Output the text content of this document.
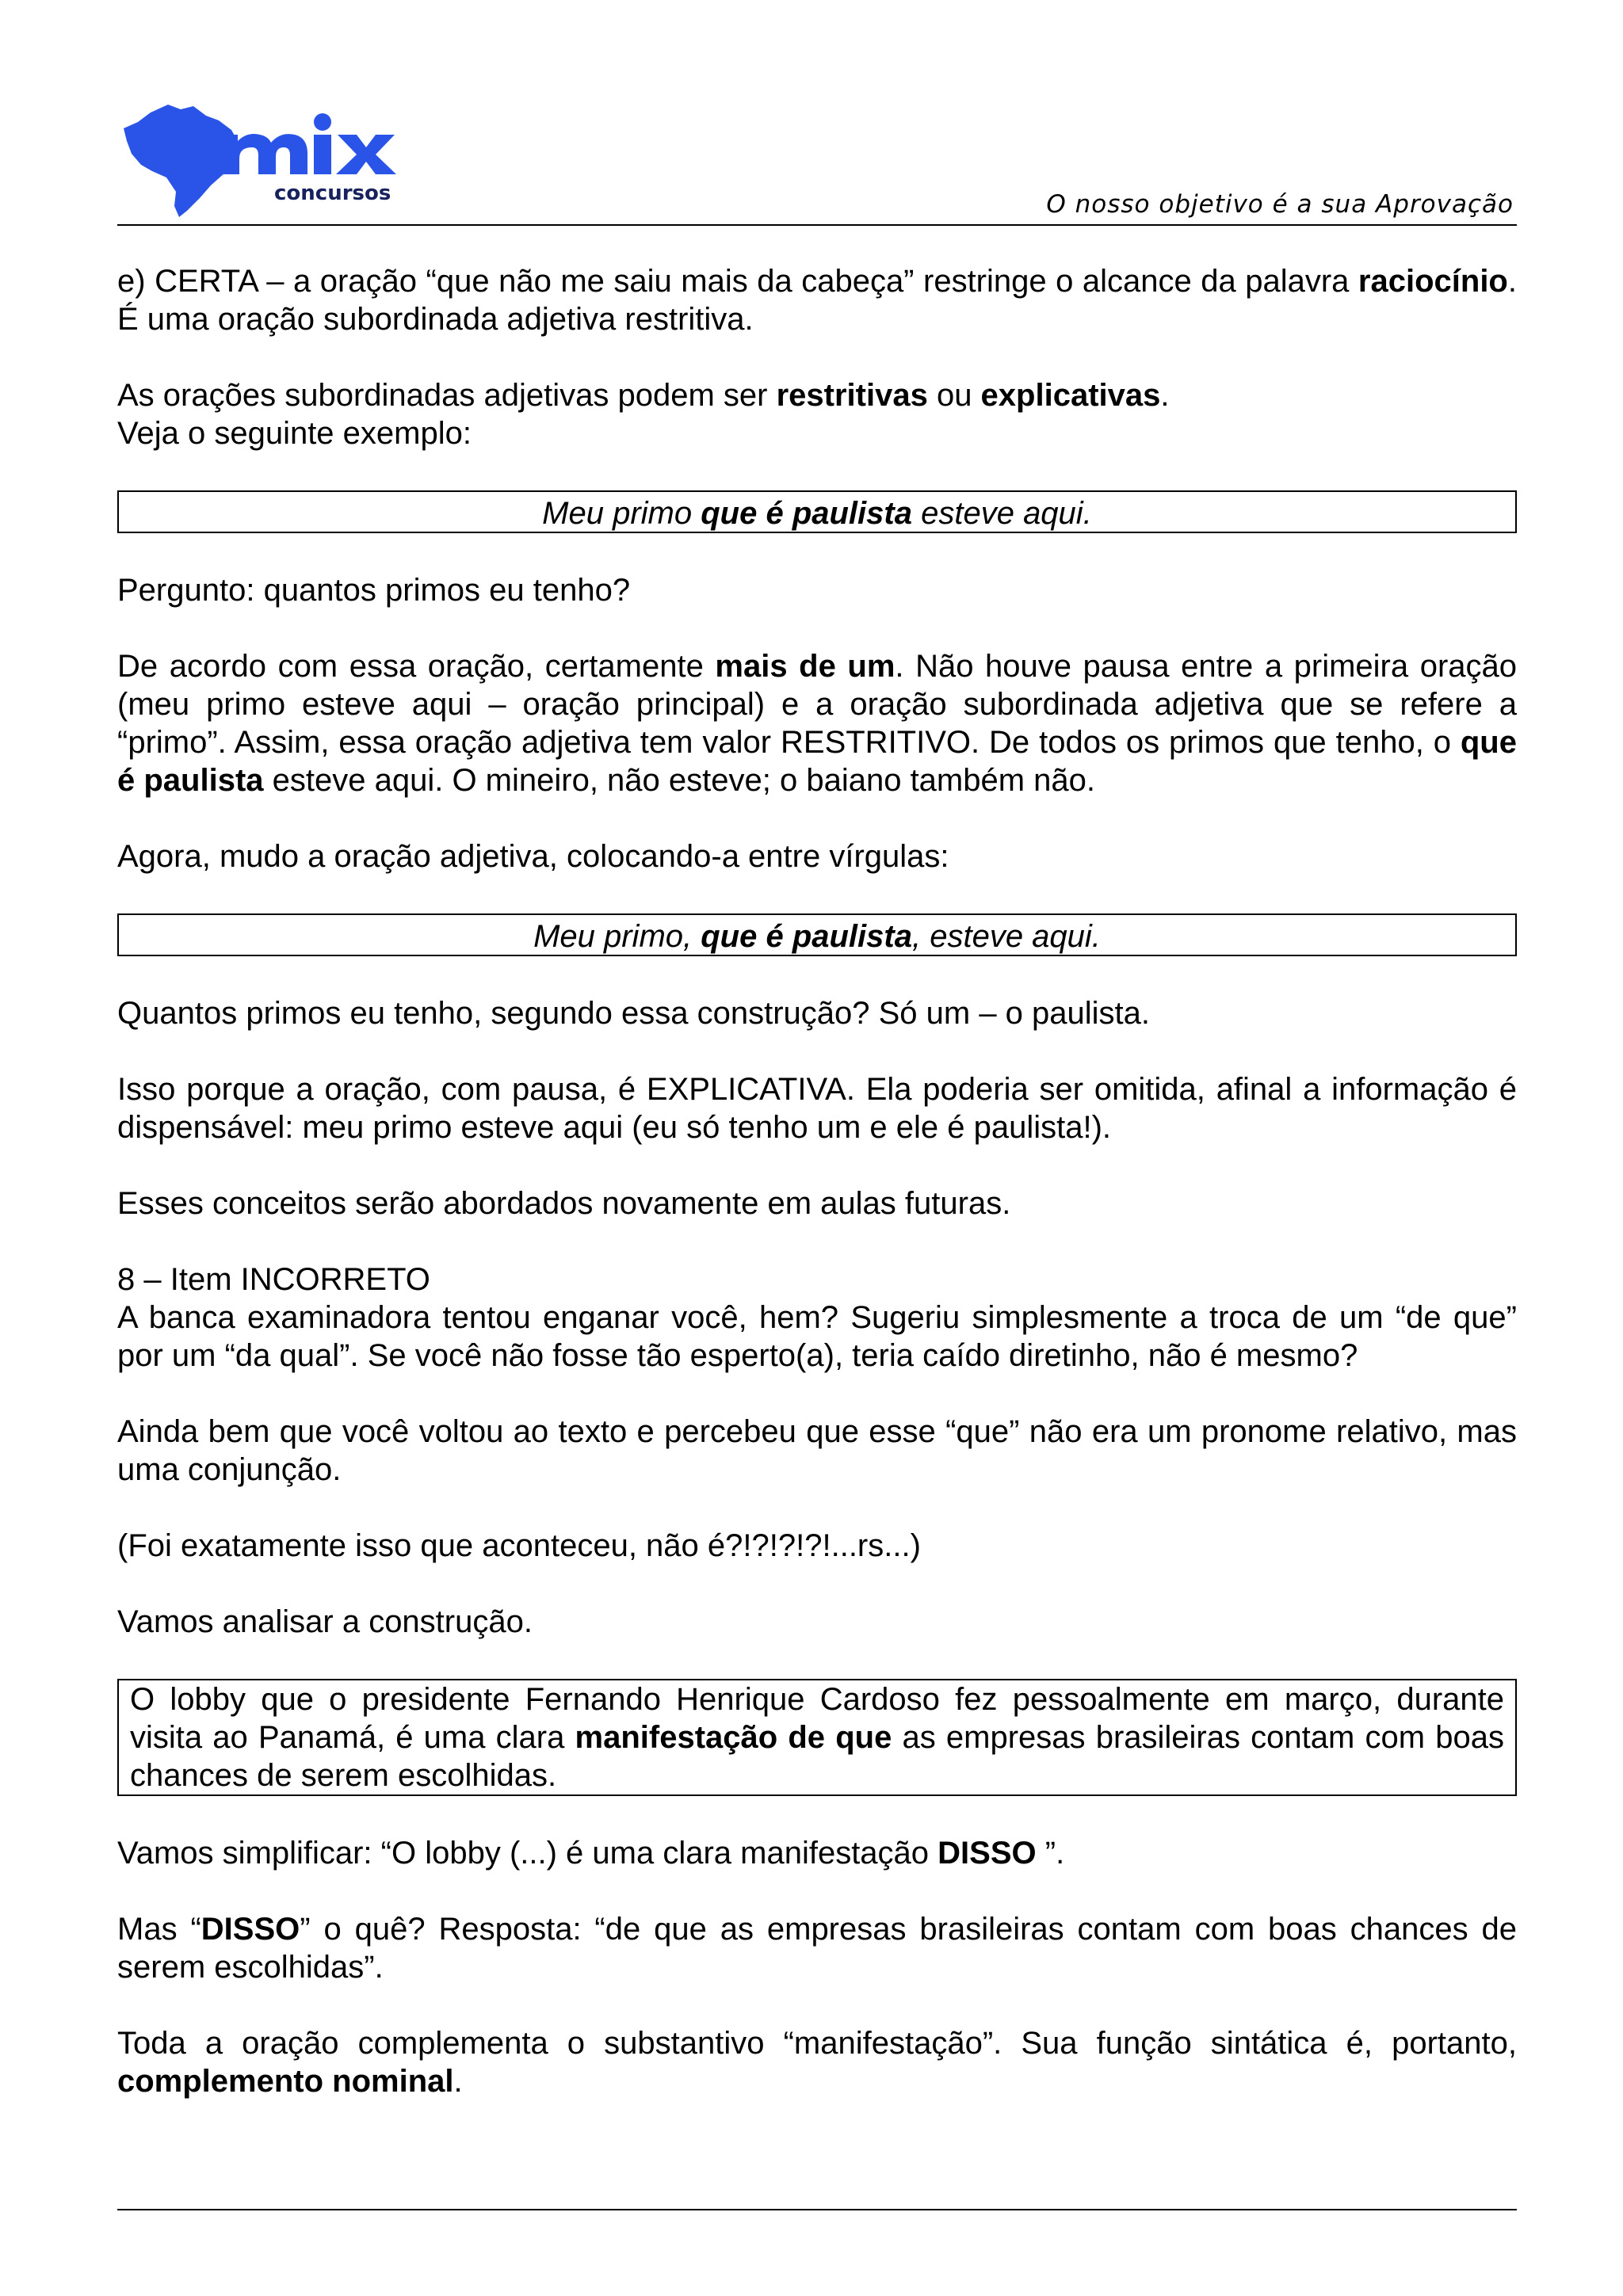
concursos	O nosso objetivo é a sua Aprovação

e) CERTA – a oração “que não me saiu mais da cabeça” restringe o alcance da palavra raciocínio. É uma oração subordinada adjetiva restritiva.

As orações subordinadas adjetivas podem ser restritivas ou explicativas.

Veja o seguinte exemplo:

Meu primo que é paulista esteve aqui.

Pergunto: quantos primos eu tenho?

De acordo com essa oração, certamente mais de um. Não houve pausa entre a primeira oração (meu primo esteve aqui – oração principal) e a oração subordinada adjetiva que se refere a “primo”. Assim, essa oração adjetiva tem valor RESTRITIVO. De todos os primos que tenho, o que é paulista esteve aqui. O mineiro, não esteve; o baiano também não.

Agora, mudo a oração adjetiva, colocando-a entre vírgulas:

Meu primo, que é paulista, esteve aqui.

Quantos primos eu tenho, segundo essa construção? Só um – o paulista.

Isso porque a oração, com pausa, é EXPLICATIVA. Ela poderia ser omitida, afinal a informação é dispensável: meu primo esteve aqui (eu só tenho um e ele é paulista!).

Esses conceitos serão abordados novamente em aulas futuras.

8 – Item INCORRETO

A banca examinadora tentou enganar você, hem? Sugeriu simplesmente a troca de um “de que” por um “da qual”. Se você não fosse tão esperto(a), teria caído diretinho, não é mesmo?

Ainda bem que você voltou ao texto e percebeu que esse “que” não era um pronome relativo, mas uma conjunção.

(Foi exatamente isso que aconteceu, não é?!?!?!?!...rs...)

Vamos analisar a construção.

O lobby que o presidente Fernando Henrique Cardoso fez pessoalmente em março, durante visita ao Panamá, é uma clara manifestação de que as empresas brasileiras contam com boas chances de serem escolhidas.

Vamos simplificar: “O lobby (...) é uma clara manifestação DISSO ”.

Mas “DISSO” o quê? Resposta: “de que as empresas brasileiras contam com boas chances de serem escolhidas”.

Toda a oração complementa o substantivo “manifestação”. Sua função sintática é, portanto, complemento nominal.
